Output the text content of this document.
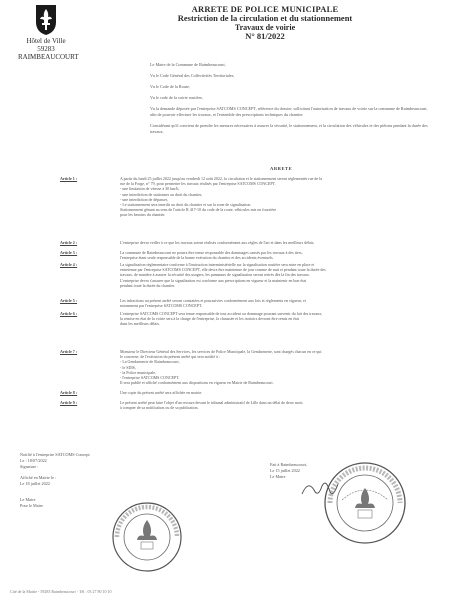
Hôtel de Ville
59283 RAIMBEAUCOURT
ARRETE DE POLICE MUNICIPALE
Restriction de la circulation et du stationnement
Travaux de voirie
N° 81/2022

Le Maire de la Commune de Raimbeaucourt,

Vu le Code Général des Collectivités Territoriales,

Vu le Code de la Route,

Vu le code de la voirie routière,

Vu la demande déposée par l'entreprise SATCOMS CONCEPT, référence du dossier, sollicitant l'autorisation de travaux de voirie sur la commune de Raimbeaucourt, afin de pouvoir effectuer les travaux, et l'ensemble des prescriptions techniques du chantier.

Considérant qu'il convient de prendre les mesures nécessaires à assurer la sécurité, le stationnement, et la circulation des véhicules et des piétons pendant la durée des travaux,

ARRETE
Article 1 :	A partir du lundi 25 juillet 2022 jusqu'au vendredi 12 août 2022, la circulation et le stationnement seront réglementés rue de la
rue de la Forge, n° 79, pour permettre les travaux réalisés par l'entreprise SATCOMS CONCEPT.
- une limitation de vitesse à 30 km/h,
- une interdiction de stationner au droit du chantier,
- une interdiction de dépasser,
- Le stationnement sera interdit au droit du chantier et sur la zone de signalisation
Stationnement gênant au sens de l'article R 417-10 du code de la route, véhicules mis en fourrière
pour les besoins du chantier.
Article 2 :	L'entreprise devra veiller à ce que les travaux soient réalisés conformément aux règles de l'art et dans les meilleurs délais.
Article 3 :	La commune de Raimbeaucourt ne pourra être tenue responsable des dommages causés par les travaux à des tiers,
l'entreprise étant seule responsable de la bonne exécution du chantier et des accidents éventuels.
Article 4 :	La signalisation réglementaire conforme à l'instruction interministérielle sur la signalisation routière sera mise en place et
entretenue par l'entreprise SATCOMS CONCEPT, elle devra être maintenue de jour comme de nuit et pendant toute la durée des
travaux, de manière à assurer la sécurité des usagers, les panneaux de signalisation seront retirés dès la fin des travaux.
L'entreprise devra s'assurer que la signalisation est conforme aux prescriptions en vigueur et la maintenir en bon état
pendant toute la durée du chantier.
Article 5 :	Les infractions au présent arrêté seront constatées et poursuivies conformément aux lois et règlements en vigueur, et
notamment par l'entreprise SATCOMS CONCEPT.
Article 6 :	L'entreprise SATCOMS CONCEPT sera tenue responsable de tout accident ou dommage pouvant survenir du fait des travaux,
la remise en état de la voirie sera à la charge de l'entreprise, la chaussée et les trottoirs devront être remis en état
dans les meilleurs délais.
Article 7 :	Monsieur le Directeur Général des Services, les services de Police Municipale, la Gendarmerie, sont chargés chacun en ce qui
le concerne, de l'exécution du présent arrêté qui sera notifié à :
- La Gendarmerie de Raimbeaucourt,
- le SDIS,
- la Police municipale,
- l'entreprise SATCOMS CONCEPT.
Il sera publié et affiché conformément aux dispositions en vigueur en Mairie de Raimbeaucourt.
Article 8 :	Une copie du présent arrêté sera affichée en mairie.
Article 9 :	Le présent arrêté peut faire l'objet d'un recours devant le tribunal administratif de Lille dans un délai de deux mois
à compter de sa notification ou de sa publication.
Notifié à l'entreprise SATCOMS Concept
Le : 18/07/2022
Signature :
Affiché en Mairie le :
Le 18 juillet 2022
Le Maire
Pour le Maire
Fait à Raimbeaucourt,
Le 15 juillet 2022
Le Maire
Cité de la Mairie - 59283 Raimbeaucourt - Tél : 03 27 80 10 10
